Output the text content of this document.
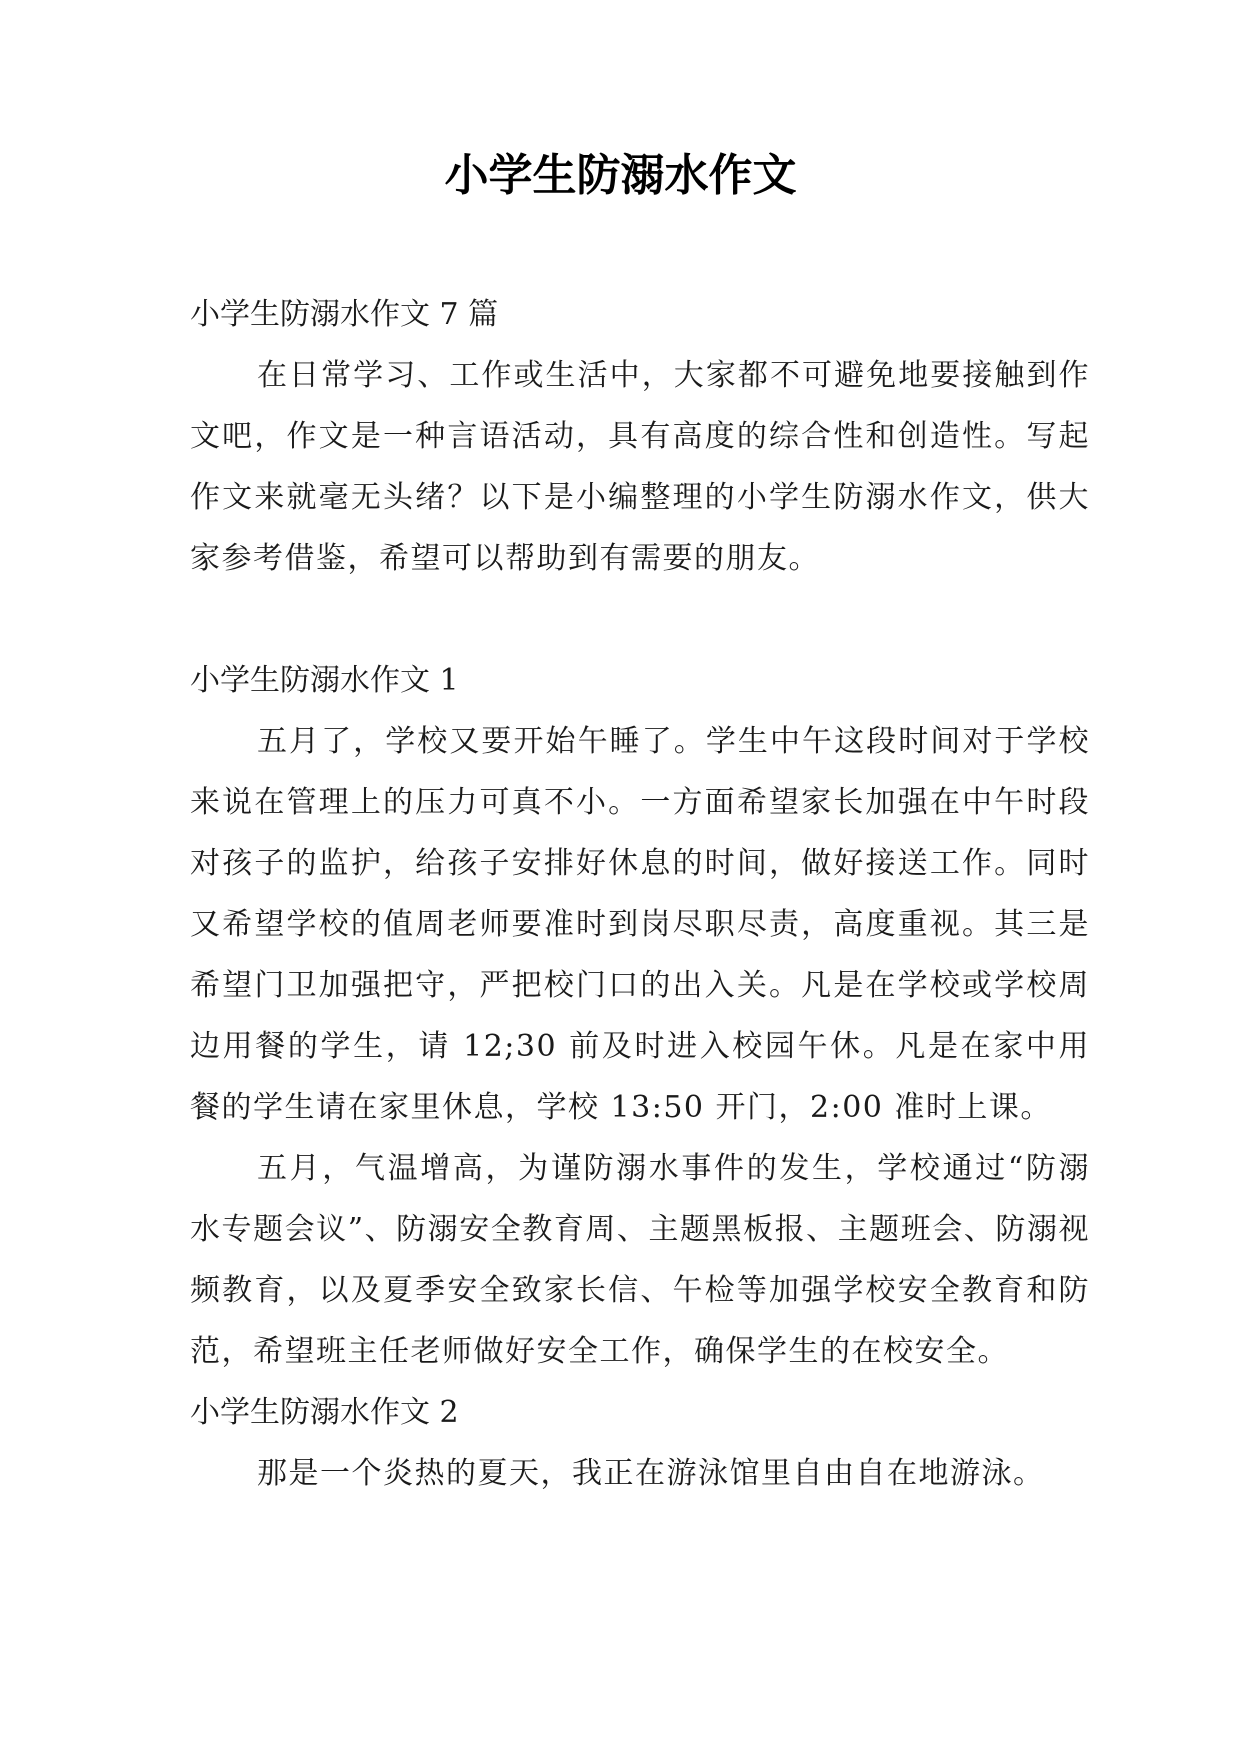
小学生防溺水作文

小学生防溺水作文 7 篇

在日常学习、工作或生活中，大家都不可避免地要接触到作文吧，作文是一种言语活动，具有高度的综合性和创造性。写起作文来就毫无头绪？以下是小编整理的小学生防溺水作文，供大家参考借鉴，希望可以帮助到有需要的朋友。

小学生防溺水作文 1

五月了，学校又要开始午睡了。学生中午这段时间对于学校来说在管理上的压力可真不小。一方面希望家长加强在中午时段对孩子的监护，给孩子安排好休息的时间，做好接送工作。同时又希望学校的值周老师要准时到岗尽职尽责，高度重视。其三是希望门卫加强把守，严把校门口的出入关。凡是在学校或学校周边用餐的学生，请 12;30 前及时进入校园午休。凡是在家中用餐的学生请在家里休息，学校 13:50 开门，2:00 准时上课。

五月，气温增高，为谨防溺水事件的发生，学校通过“防溺水专题会议”、防溺安全教育周、主题黑板报、主题班会、防溺视频教育，以及夏季安全致家长信、午检等加强学校安全教育和防范，希望班主任老师做好安全工作，确保学生的在校安全。

小学生防溺水作文 2

那是一个炎热的夏天，我正在游泳馆里自由自在地游泳。
